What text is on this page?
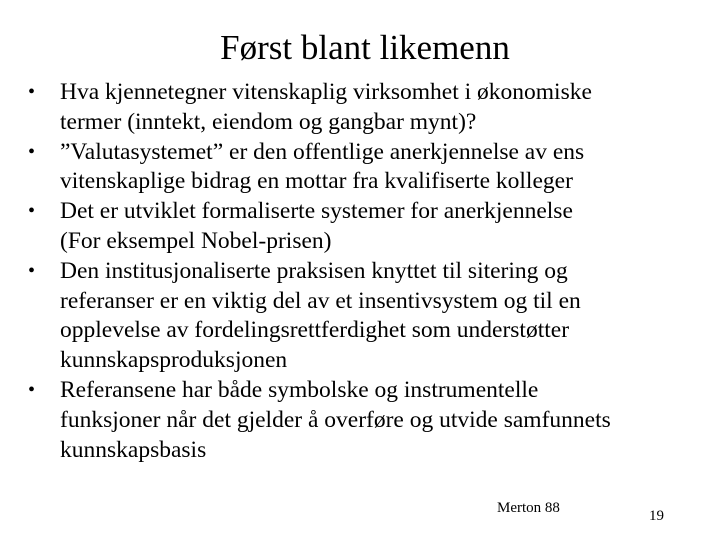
Først blant likemenn
• Hva kjennetegner vitenskaplig virksomhet i økonomiske
termer (inntekt, eiendom og gangbar mynt)?
• ”Valutasystemet” er den offentlige anerkjennelse av ens
vitenskaplige bidrag en mottar fra kvalifiserte kolleger
• Det er utviklet formaliserte systemer for anerkjennelse
(For eksempel Nobel-prisen)
• Den institusjonaliserte praksisen knyttet til sitering og
referanser er en viktig del av et insentivsystem og til en
opplevelse av fordelingsrettferdighet som understøtter
kunnskapsproduksjonen
• Referansene har både symbolske og instrumentelle
funksjoner når det gjelder å overføre og utvide samfunnets
kunnskapsbasis
Merton 88	19
